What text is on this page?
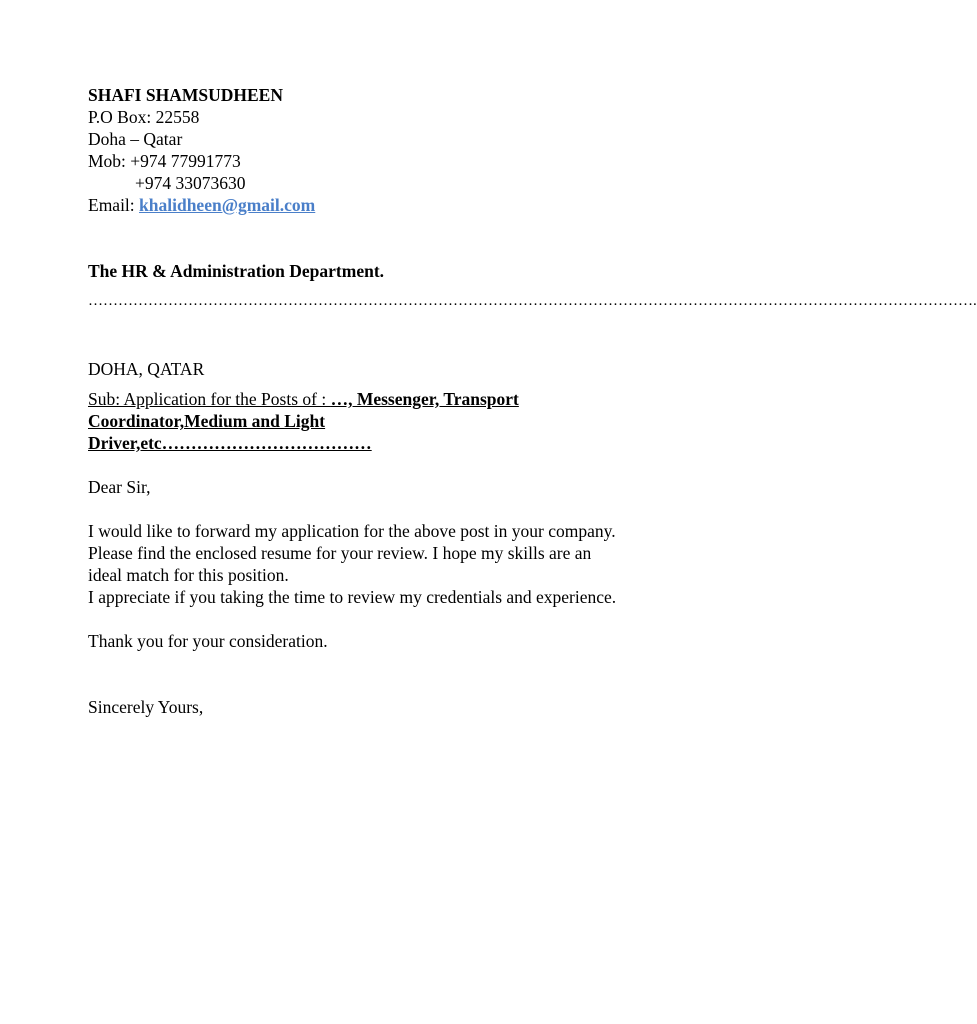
SHAFI SHAMSUDHEEN
P.O Box: 22558
Doha – Qatar
Mob: +974 77991773
+974 33073630
Email: khalidheen@gmail.com
The HR & Administration Department.
…………………………………………………………………………………………………………………………………………………………….
DOHA, QATAR
Sub: Application for the Posts of : …, Messenger, Transport
Coordinator,Medium and Light
Driver,etc………………………………
Dear Sir,
I would like to forward my application for the above post in your company.
Please find the enclosed resume for your review. I hope my skills are an
ideal match for this position.
I appreciate if you taking the time to review my credentials and experience.
Thank you for your consideration.
Sincerely Yours,
